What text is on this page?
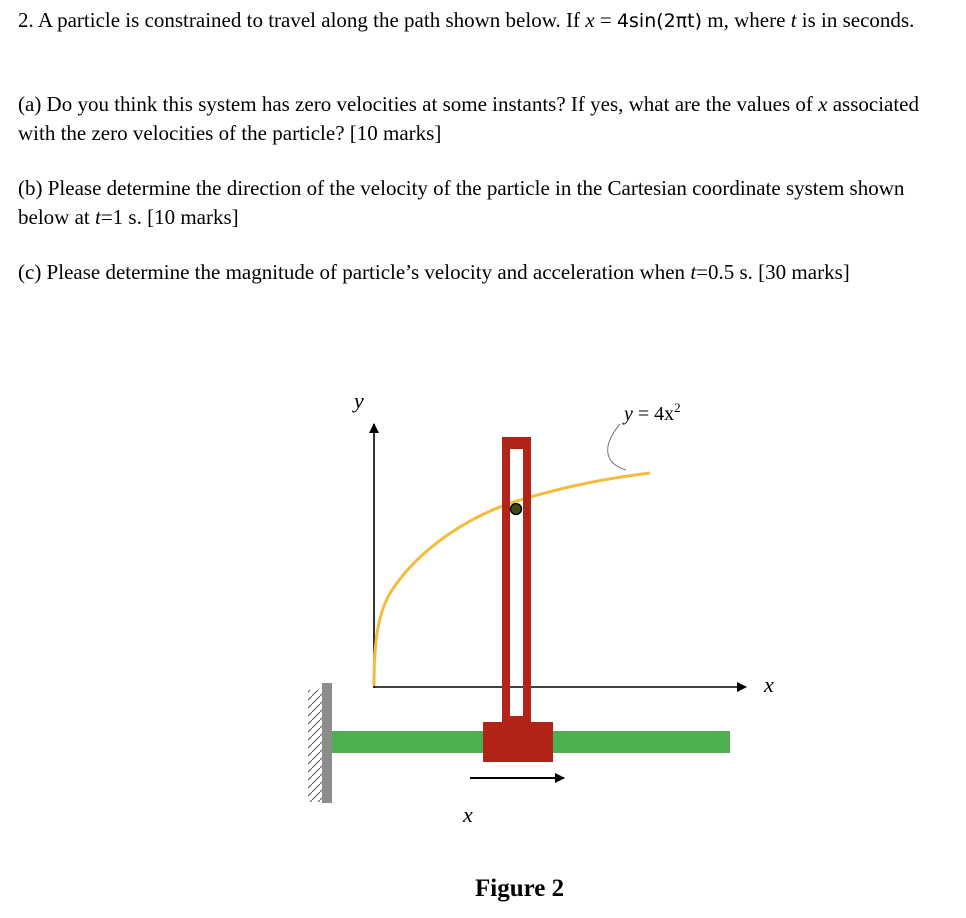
2. A particle is constrained to travel along the path shown below. If x = 4sin(2πt) m, where t is in seconds.

(a) Do you think this system has zero velocities at some instants? If yes, what are the values of x associated with the zero velocities of the particle? [10 marks]

(b) Please determine the direction of the velocity of the particle in the Cartesian coordinate system shown below at t=1 s. [10 marks]

(c) Please determine the magnitude of particle’s velocity and acceleration when t=0.5 s. [30 marks]

y
x
$y = 4x^2$
x
Figure 2
